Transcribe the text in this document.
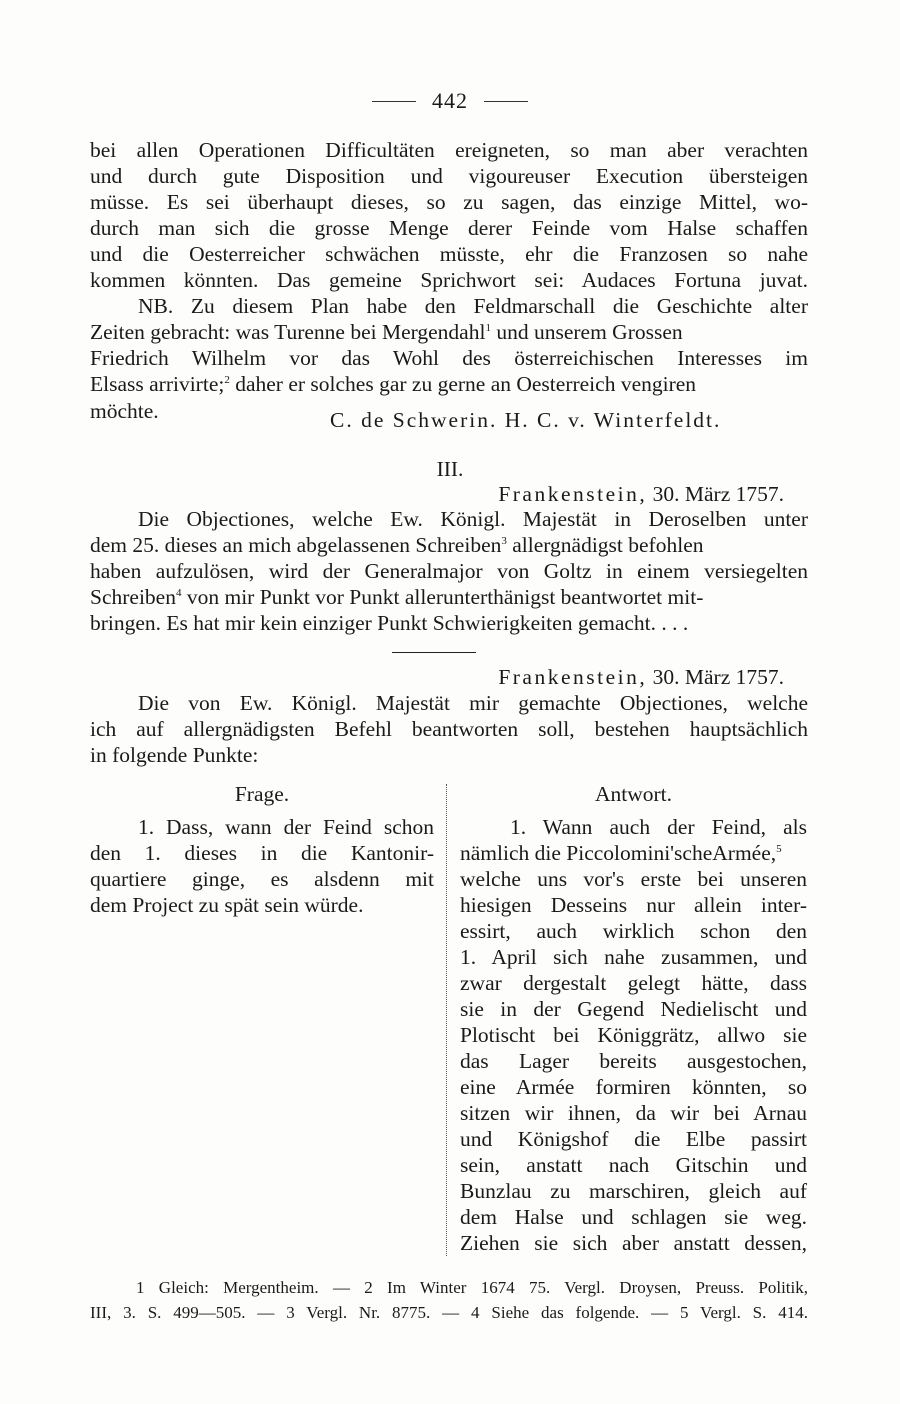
442
bei allen Operationen Difficultäten ereigneten, so man aber verachten
und durch gute Disposition und vigoureuser Execution übersteigen
müsse. Es sei überhaupt dieses, so zu sagen, das einzige Mittel, wo-
durch man sich die grosse Menge derer Feinde vom Halse schaffen
und die Oesterreicher schwächen müsste, ehr die Franzosen so nahe
kommen könnten. Das gemeine Sprichwort sei: Audaces Fortuna juvat.
NB. Zu diesem Plan habe den Feldmarschall die Geschichte alter
Zeiten gebracht: was Turenne bei Mergendahl$^1$ und unserem Grossen
Friedrich Wilhelm vor das Wohl des österreichischen Interesses im
Elsass arrivirte;$^2$ daher er solches gar zu gerne an Oesterreich vengiren
möchte.	C. de Schwerin. H. C. v. Winterfeldt.
III.
Frankenstein, 30. März 1757.
Die Objectiones, welche Ew. Königl. Majestät in Deroselben unter
dem 25. dieses an mich abgelassenen Schreiben$^3$ allergnädigst befohlen
haben aufzulösen, wird der Generalmajor von Goltz in einem versiegelten
Schreiben$^4$ von mir Punkt vor Punkt allerunterthänigst beantwortet mit-
bringen. Es hat mir kein einziger Punkt Schwierigkeiten gemacht. . . .
Frankenstein, 30. März 1757.
Die von Ew. Königl. Majestät mir gemachte Objectiones, welche
ich auf allergnädigsten Befehl beantworten soll, bestehen hauptsächlich
in folgende Punkte:
Frage.	Antwort.
1. Dass, wann der Feind schon
den 1. dieses in die Kantonir-
quartiere ginge, es alsdenn mit
dem Project zu spät sein würde.
1. Wann auch der Feind, als
nämlich die Piccolomini'scheArmée,$^5$
welche uns vor's erste bei unseren
hiesigen Desseins nur allein inter-
essirt, auch wirklich schon den
1. April sich nahe zusammen, und
zwar dergestalt gelegt hätte, dass
sie in der Gegend Nedielischt und
Plotischt bei Königgrätz, allwo sie
das Lager bereits ausgestochen,
eine Armée formiren könnten, so
sitzen wir ihnen, da wir bei Arnau
und Königshof die Elbe passirt
sein, anstatt nach Gitschin und
Bunzlau zu marschiren, gleich auf
dem Halse und schlagen sie weg.
Ziehen sie sich aber anstatt dessen,
1 Gleich: Mergentheim. — 2 Im Winter 1674 75. Vergl. Droysen, Preuss. Politik,
III, 3. S. 499—505. — 3 Vergl. Nr. 8775. — 4 Siehe das folgende. — 5 Vergl. S. 414.
